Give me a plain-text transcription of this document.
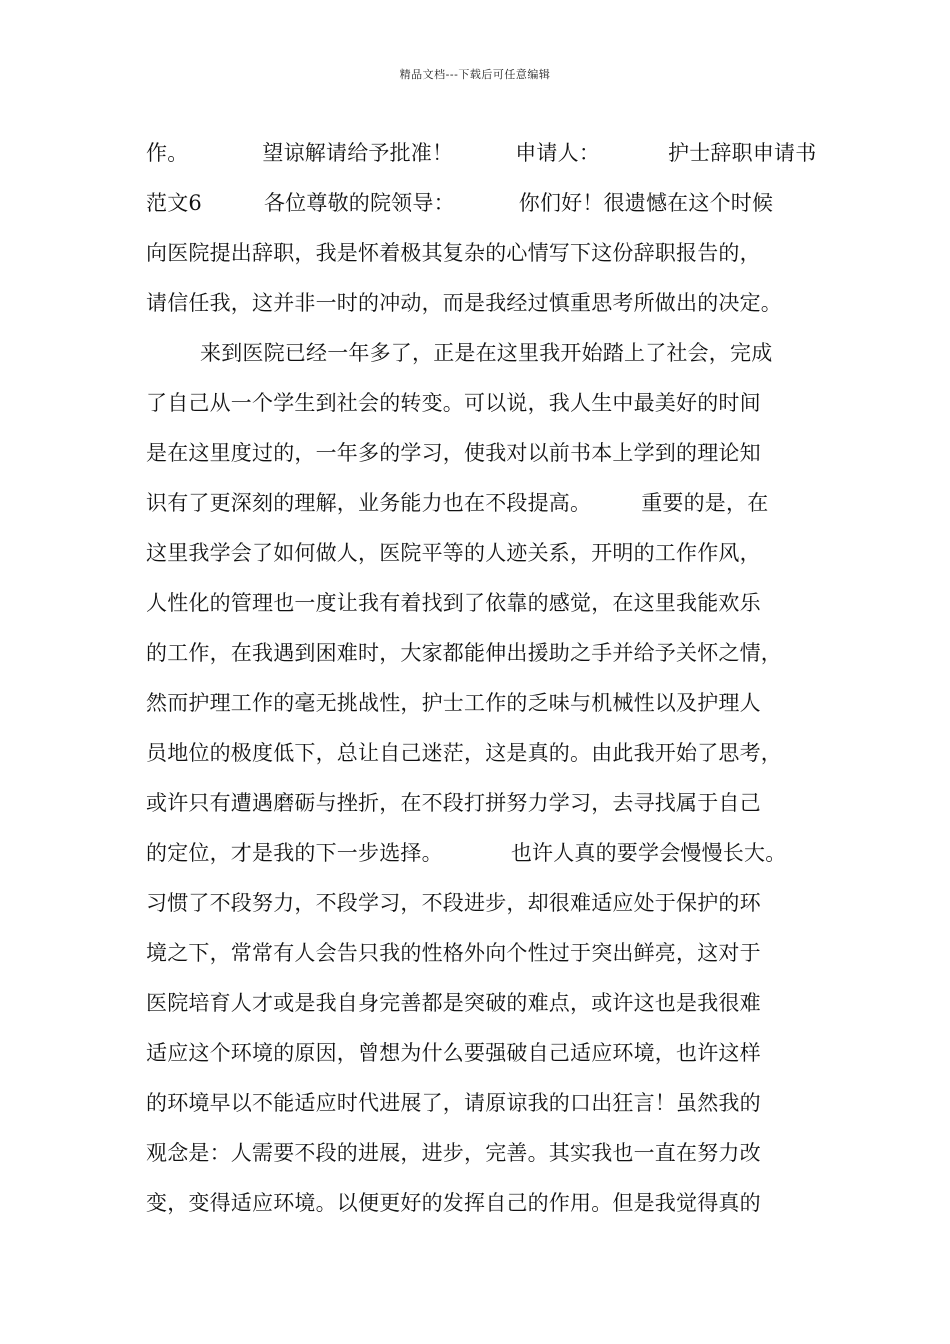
精品文档---下载后可任意编辑
作。	望谅解请给予批准！	申请人：	护士辞职申请书
范文6	各位尊敬的院领导：	你们好！很遗憾在这个时候
向医院提出辞职，我是怀着极其复杂的心情写下这份辞职报告的，
请信任我，这并非一时的冲动，而是我经过慎重思考所做出的决定。
来到医院已经一年多了，正是在这里我开始踏上了社会，完成
了自己从一个学生到社会的转变。可以说，我人生中最美好的时间
是在这里度过的，一年多的学习，使我对以前书本上学到的理论知
识有了更深刻的理解，业务能力也在不段提高。 重要的是，在
这里我学会了如何做人，医院平等的人迹关系，开明的工作作风，
人性化的管理也一度让我有着找到了依靠的感觉，在这里我能欢乐
的工作，在我遇到困难时，大家都能伸出援助之手并给予关怀之情，
然而护理工作的毫无挑战性，护士工作的乏味与机械性以及护理人
员地位的极度低下，总让自己迷茫，这是真的。由此我开始了思考，
或许只有遭遇磨砺与挫折，在不段打拼努力学习，去寻找属于自己
的定位，才是我的下一步选择。	也许人真的要学会慢慢长大。
习惯了不段努力，不段学习，不段进步，却很难适应处于保护的环
境之下，常常有人会告只我的性格外向个性过于突出鲜亮，这对于
医院培育人才或是我自身完善都是突破的难点，或许这也是我很难
适应这个环境的原因，曾想为什么要强破自己适应环境，也许这样
的环境早以不能适应时代进展了，请原谅我的口出狂言！虽然我的
观念是：人需要不段的进展，进步，完善。其实我也一直在努力改
变，变得适应环境。以便更好的发挥自己的作用。但是我觉得真的
